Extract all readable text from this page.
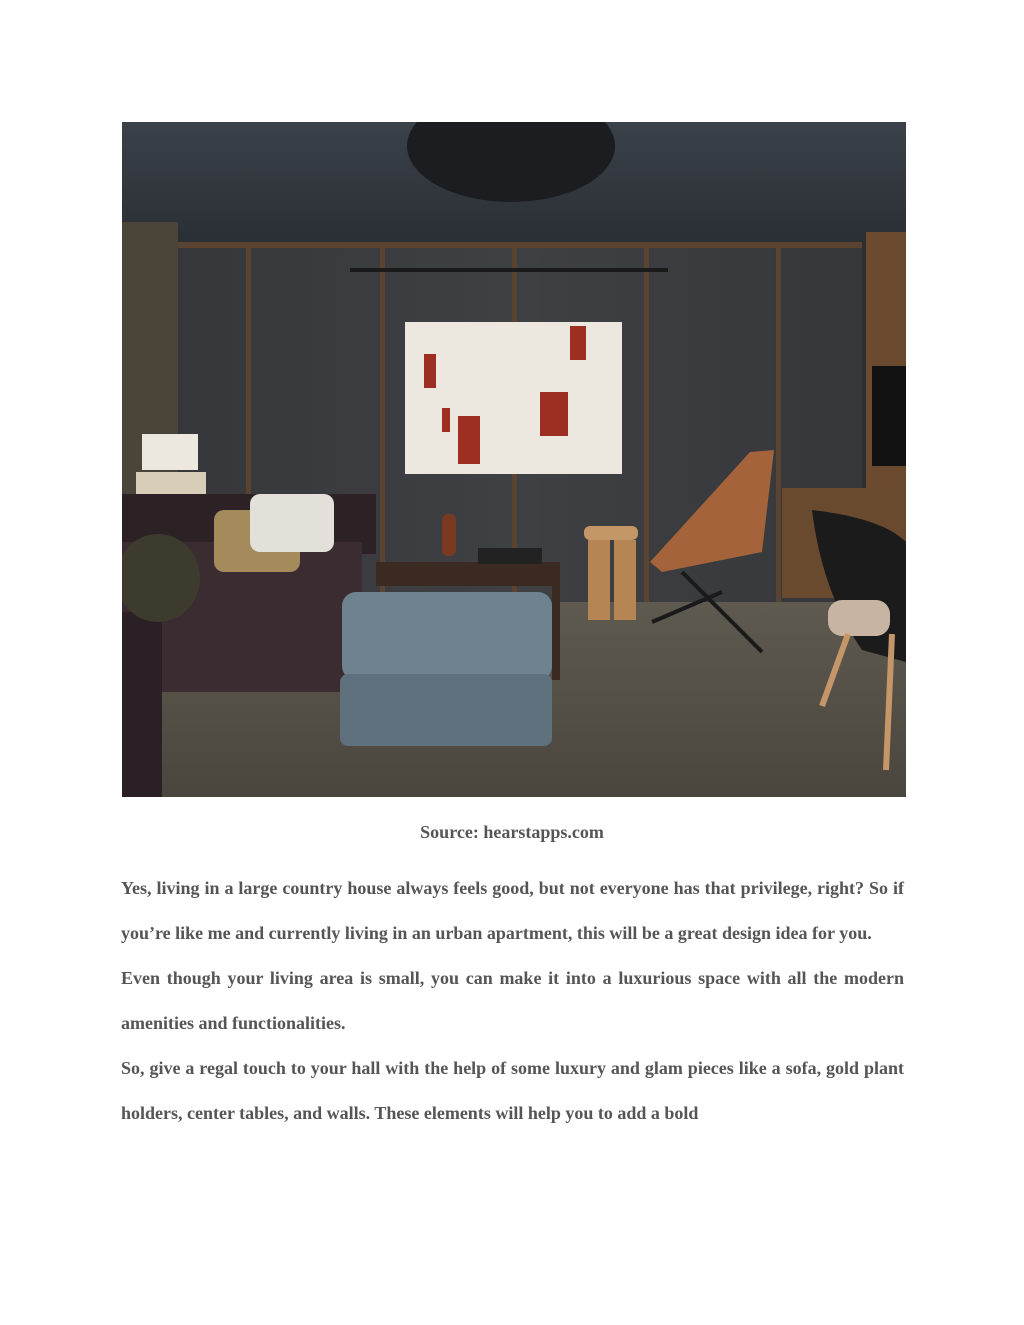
Source: hearstapps.com

Yes, living in a large country house always feels good, but not everyone has that privilege, right? So if you’re like me and currently living in an urban apartment, this will be a great design idea for you.

Even though your living area is small, you can make it into a luxurious space with all the modern amenities and functionalities.

So, give a regal touch to your hall with the help of some luxury and glam pieces like a sofa, gold plant holders, center tables, and walls. These elements will help you to add a bold
